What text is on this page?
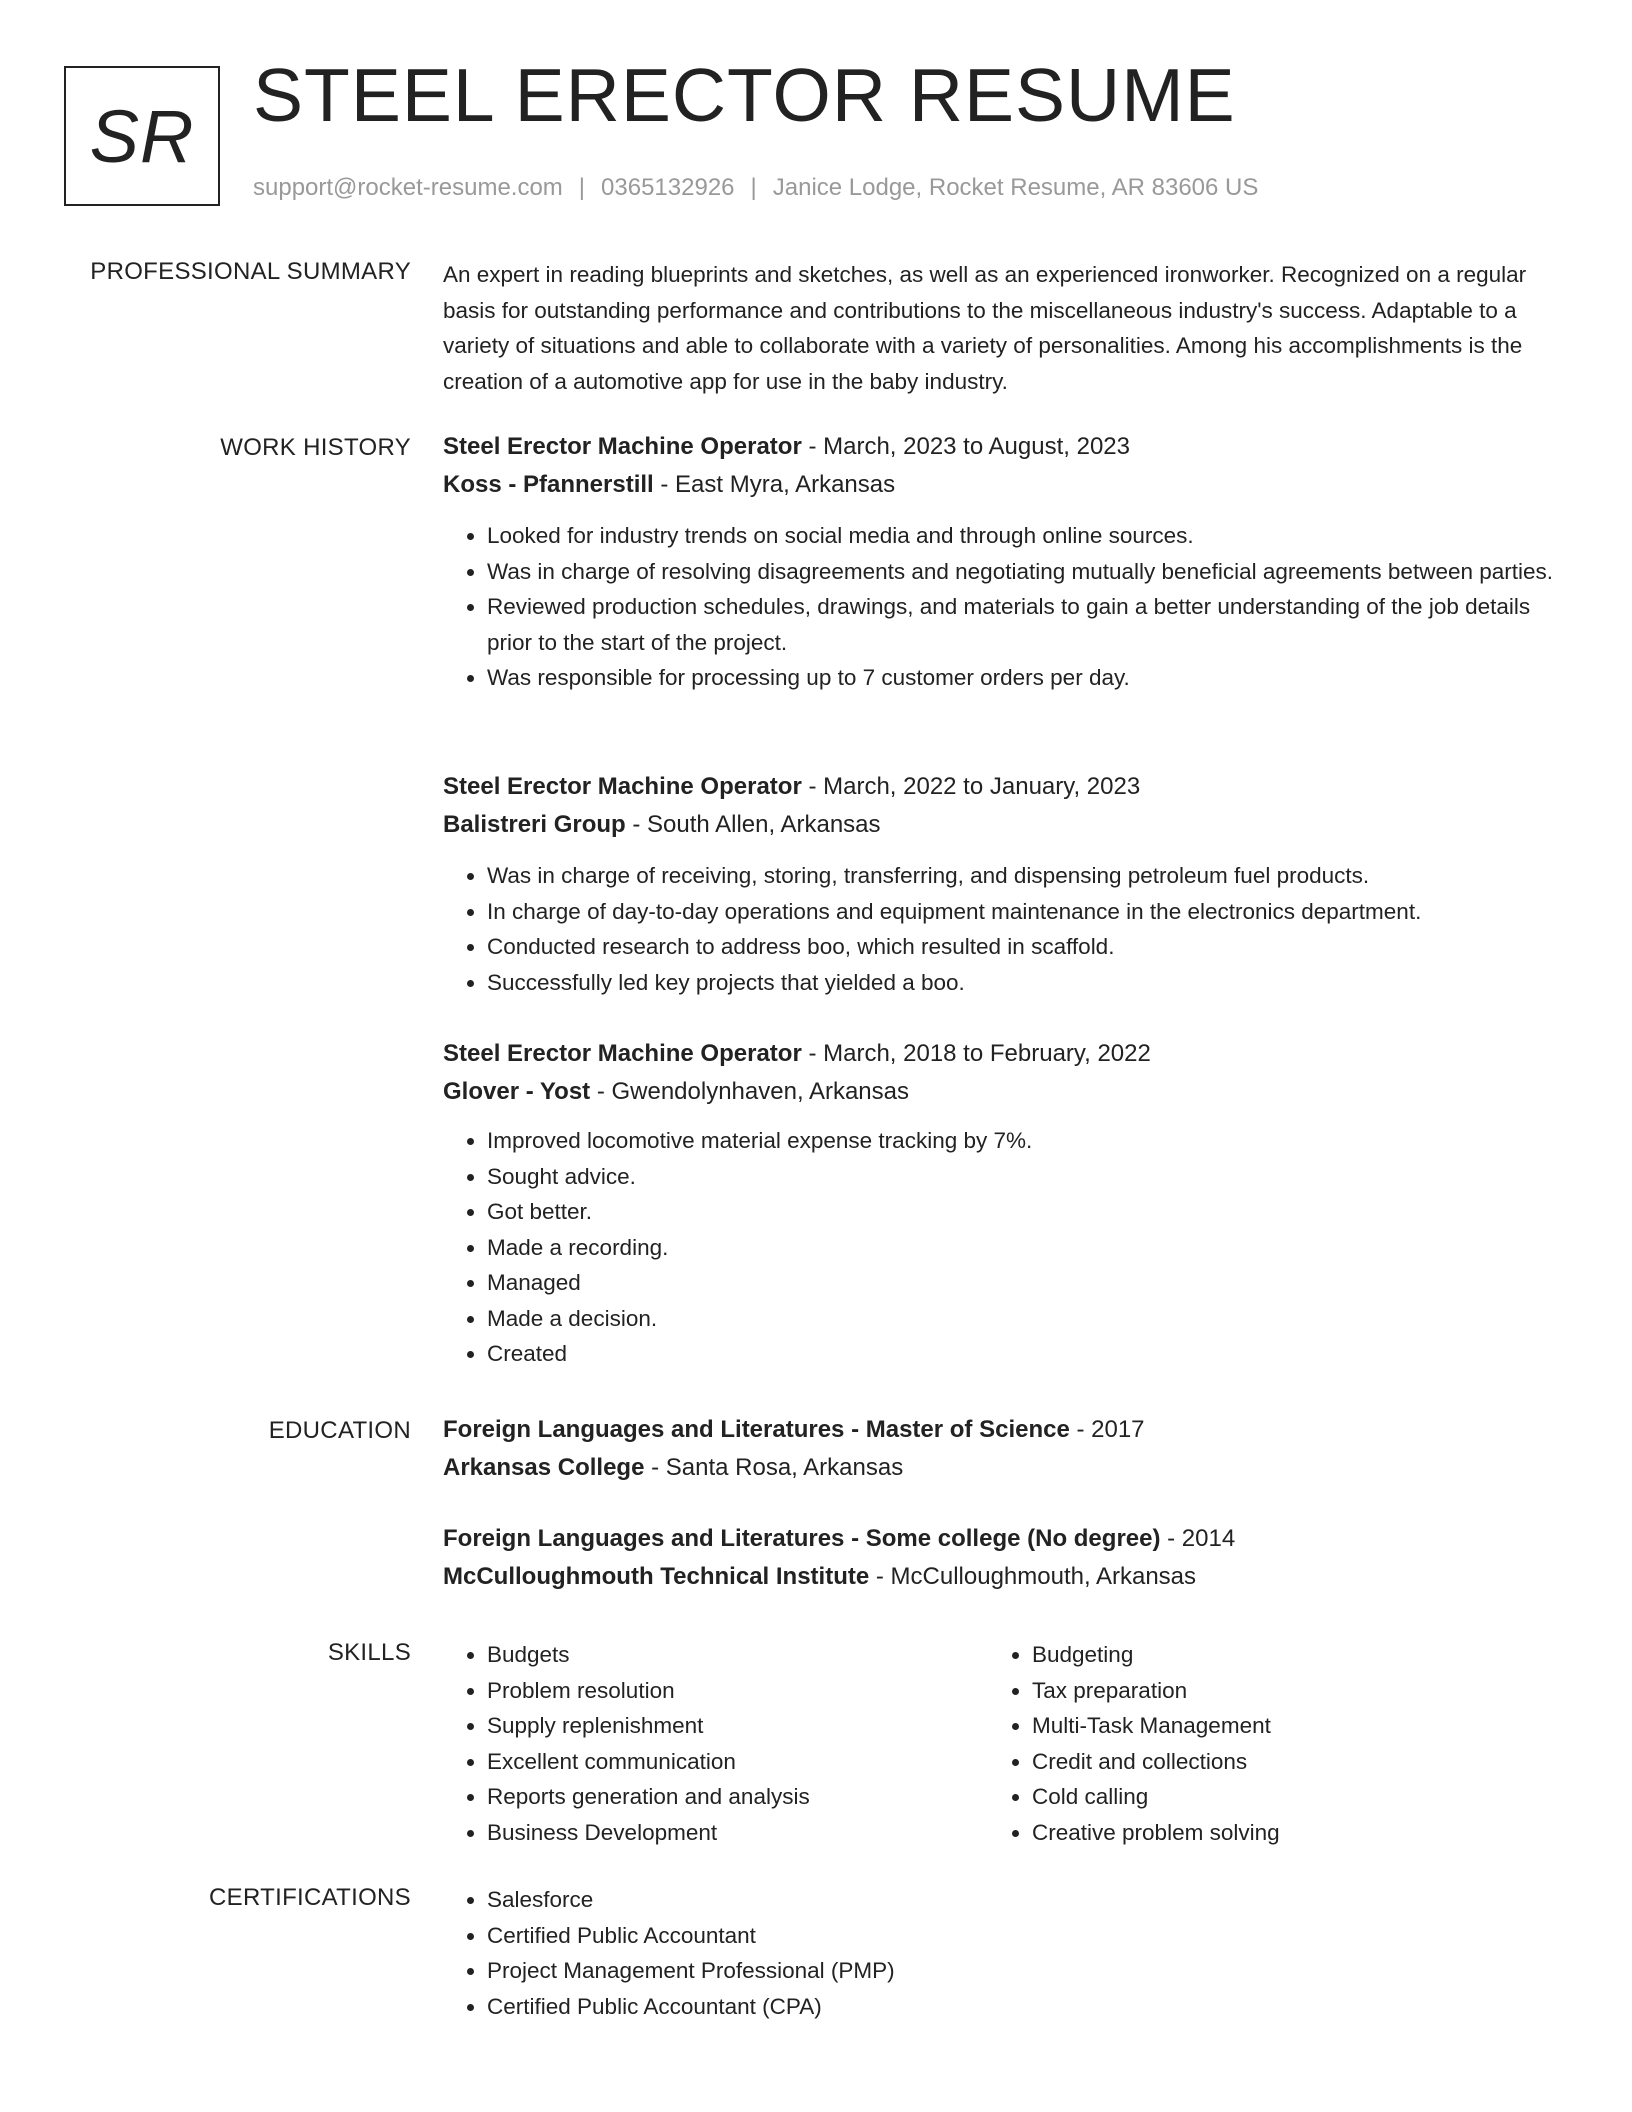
SR STEEL ERECTOR RESUME
support@rocket-resume.com | 0365132926 | Janice Lodge, Rocket Resume, AR 83606 US
PROFESSIONAL SUMMARY An expert in reading blueprints and sketches, as well as an experienced ironworker. Recognized on a regular basis for outstanding performance and contributions to the miscellaneous industry's success. Adaptable to a variety of situations and able to collaborate with a variety of personalities. Among his accomplishments is the creation of a automotive app for use in the baby industry.
WORK HISTORY Steel Erector Machine Operator - March, 2023 to August, 2023
Koss - Pfannerstill - East Myra, Arkansas
• Looked for industry trends on social media and through online sources.
• Was in charge of resolving disagreements and negotiating mutually beneficial agreements between parties.
• Reviewed production schedules, drawings, and materials to gain a better understanding of the job details prior to the start of the project.
• Was responsible for processing up to 7 customer orders per day.
Steel Erector Machine Operator - March, 2022 to January, 2023
Balistreri Group - South Allen, Arkansas
• Was in charge of receiving, storing, transferring, and dispensing petroleum fuel products.
• In charge of day-to-day operations and equipment maintenance in the electronics department.
• Conducted research to address boo, which resulted in scaffold.
• Successfully led key projects that yielded a boo.
Steel Erector Machine Operator - March, 2018 to February, 2022
Glover - Yost - Gwendolynhaven, Arkansas
• Improved locomotive material expense tracking by 7%.
• Sought advice.
• Got better.
• Made a recording.
• Managed
• Made a decision.
• Created
EDUCATION Foreign Languages and Literatures - Master of Science - 2017
Arkansas College - Santa Rosa, Arkansas
Foreign Languages and Literatures - Some college (No degree) - 2014
McCulloughmouth Technical Institute - McCulloughmouth, Arkansas
SKILLS	• Budgets
• Problem resolution
• Supply replenishment
• Excellent communication
• Reports generation and analysis
• Business Development
• Budgeting
• Tax preparation
• Multi-Task Management
• Credit and collections
• Cold calling
• Creative problem solving
CERTIFICATIONS	• Salesforce
• Certified Public Accountant
• Project Management Professional (PMP)
• Certified Public Accountant (CPA)
